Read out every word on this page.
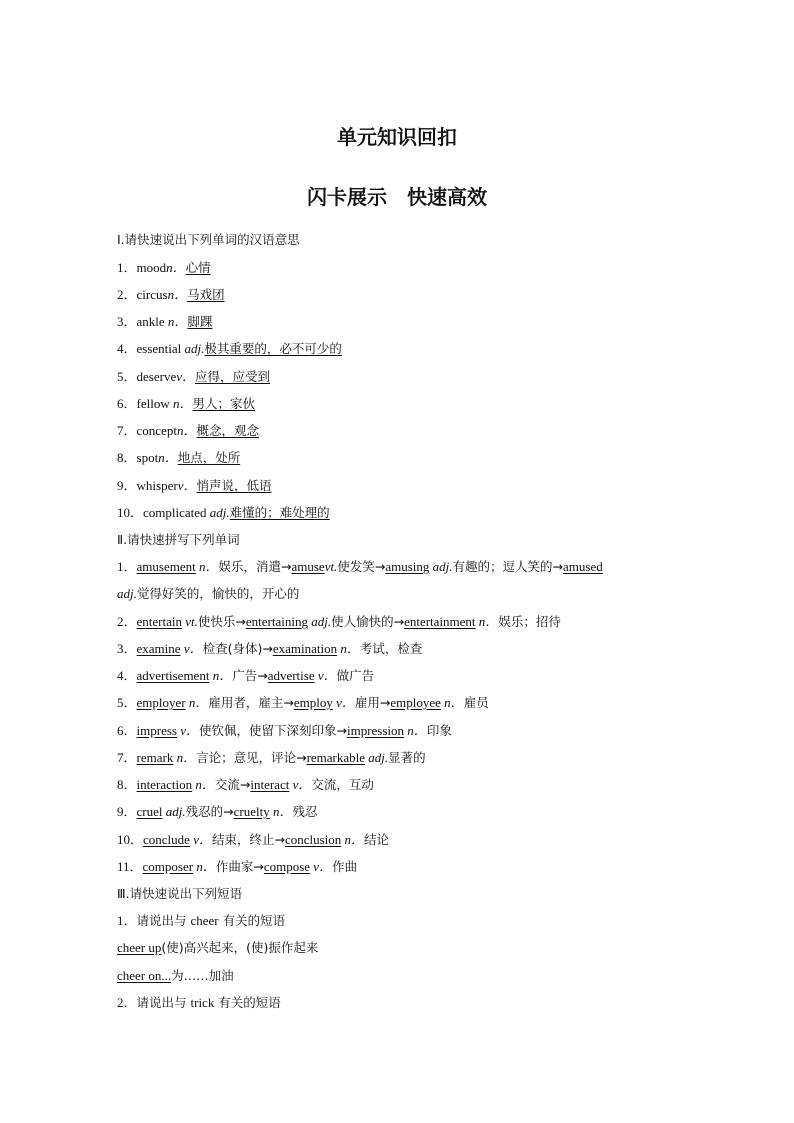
单元知识回扣
闪卡展示 快速高效
Ⅰ.请快速说出下列单词的汉语意思
1．moodn．心情
2．circusn．马戏团
3．ankle n．脚踝
4．essential adj.极其重要的，必不可少的
5．deservev．应得，应受到
6．fellow n．男人；家伙
7．conceptn．概念，观念
8．spotn．地点，处所
9．whisperv．悄声说，低语
10．complicated adj.难懂的；难处理的
Ⅱ.请快速拼写下列单词
1．amusement n．娱乐，消遣→amusevt.使发笑→amusing adj.有趣的；逗人笑的→amused
adj.觉得好笑的，愉快的，开心的
2．entertain vt.使快乐→entertaining adj.使人愉快的→entertainment n．娱乐；招待
3．examine v．检查(身体)→examination n．考试，检查
4．advertisement n．广告→advertise v．做广告
5．employer n．雇用者，雇主→employ v．雇用→employee n．雇员
6．impress v．使钦佩，使留下深刻印象→impression n．印象
7．remark n．言论；意见，评论→remarkable adj.显著的
8．interaction n．交流→interact v．交流，互动
9．cruel adj.残忍的→cruelty n．残忍
10．conclude v．结束，终止→conclusion n．结论
11．composer n．作曲家→compose v．作曲
Ⅲ.请快速说出下列短语
1．请说出与 cheer 有关的短语
cheer up(使)高兴起来，(使)振作起来
cheer on...为……加油
2．请说出与 trick 有关的短语
